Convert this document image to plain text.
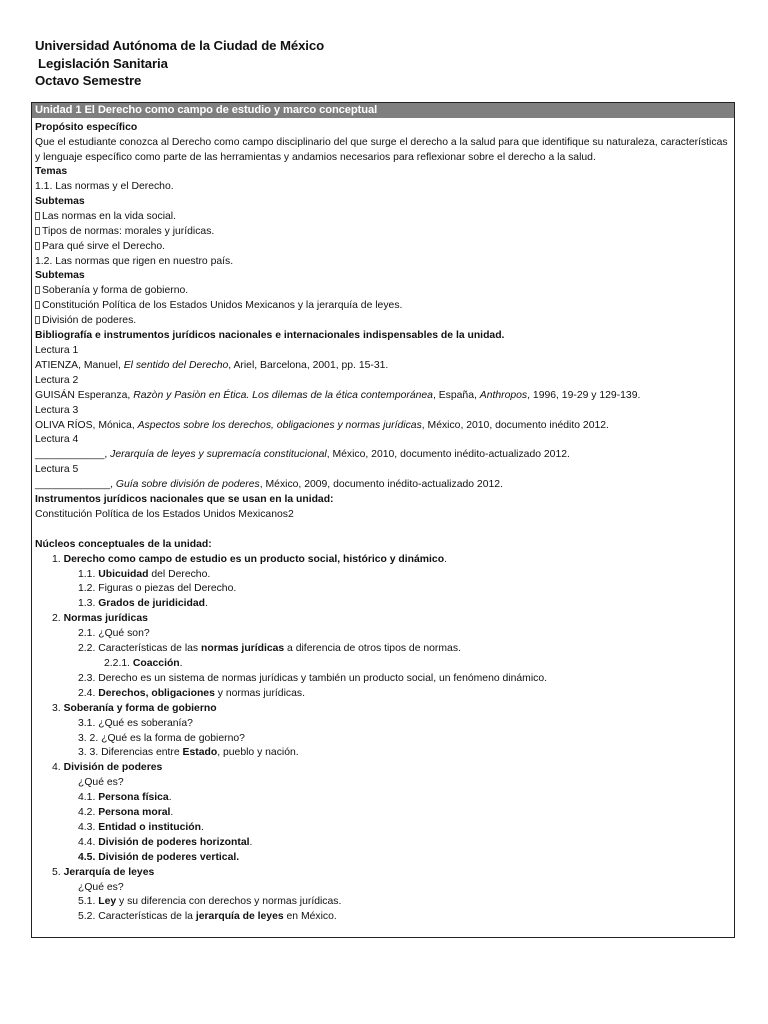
Universidad Autónoma de la Ciudad de México
Legislación Sanitaria
Octavo Semestre
Unidad 1 El Derecho como campo de estudio y marco conceptual

Propósito específico

Que el estudiante conozca al Derecho como campo disciplinario del que surge el derecho a la salud para que identifique su naturaleza, características y lenguaje específico como parte de las herramientas y andamios necesarios para reflexionar sobre el derecho a la salud.

Temas

1.1. Las normas y el Derecho.

Subtemas

Las normas en la vida social.

Tipos de normas: morales y jurídicas.

Para qué sirve el Derecho.

1.2. Las normas que rigen en nuestro país.

Subtemas

Soberanía y forma de gobierno.

Constitución Política de los Estados Unidos Mexicanos y la jerarquía de leyes.

División de poderes.

Bibliografía e instrumentos jurídicos nacionales e internacionales indispensables de la unidad.

Lectura 1

ATIENZA, Manuel, El sentido del Derecho, Ariel, Barcelona, 2001, pp. 15-31.

Lectura 2

GUISÁN Esperanza, Razòn y Pasiòn en Ética. Los dilemas de la ética contemporánea, España, Anthropos, 1996, 19-29 y 129-139.

Lectura 3

OLIVA RÍOS, Mónica, Aspectos sobre los derechos, obligaciones y normas jurídicas, México, 2010, documento inédito 2012.

Lectura 4

____________, Jerarquía de leyes y supremacía constitucional, México, 2010, documento inédito-actualizado 2012.

Lectura 5

_____________, Guía sobre división de poderes, México, 2009, documento inédito-actualizado 2012.

Instrumentos jurídicos nacionales que se usan en la unidad:

Constitución Política de los Estados Unidos Mexicanos2

Núcleos conceptuales de la unidad:

1. Derecho como campo de estudio es un producto social, histórico y dinámico.

1.1. Ubicuidad del Derecho.

1.2. Figuras o piezas del Derecho.

1.3. Grados de juridicidad.

2. Normas jurídicas

2.1. ¿Qué son?

2.2. Características de las normas jurídicas a diferencia de otros tipos de normas.

2.2.1. Coacción.

2.3. Derecho es un sistema de normas jurídicas y también un producto social, un fenómeno dinámico.

2.4. Derechos, obligaciones y normas jurídicas.

3. Soberanía y forma de gobierno

3.1. ¿Qué es soberanía?

3. 2. ¿Qué es la forma de gobierno?

3. 3. Diferencias entre Estado, pueblo y nación.

4. División de poderes

¿Qué es?

4.1. Persona física.

4.2. Persona moral.

4.3. Entidad o institución.

4.4. División de poderes horizontal.

4.5. División de poderes vertical.

5. Jerarquía de leyes

¿Qué es?

5.1. Ley y su diferencia con derechos y normas jurídicas.

5.2. Características de la jerarquía de leyes en México.
